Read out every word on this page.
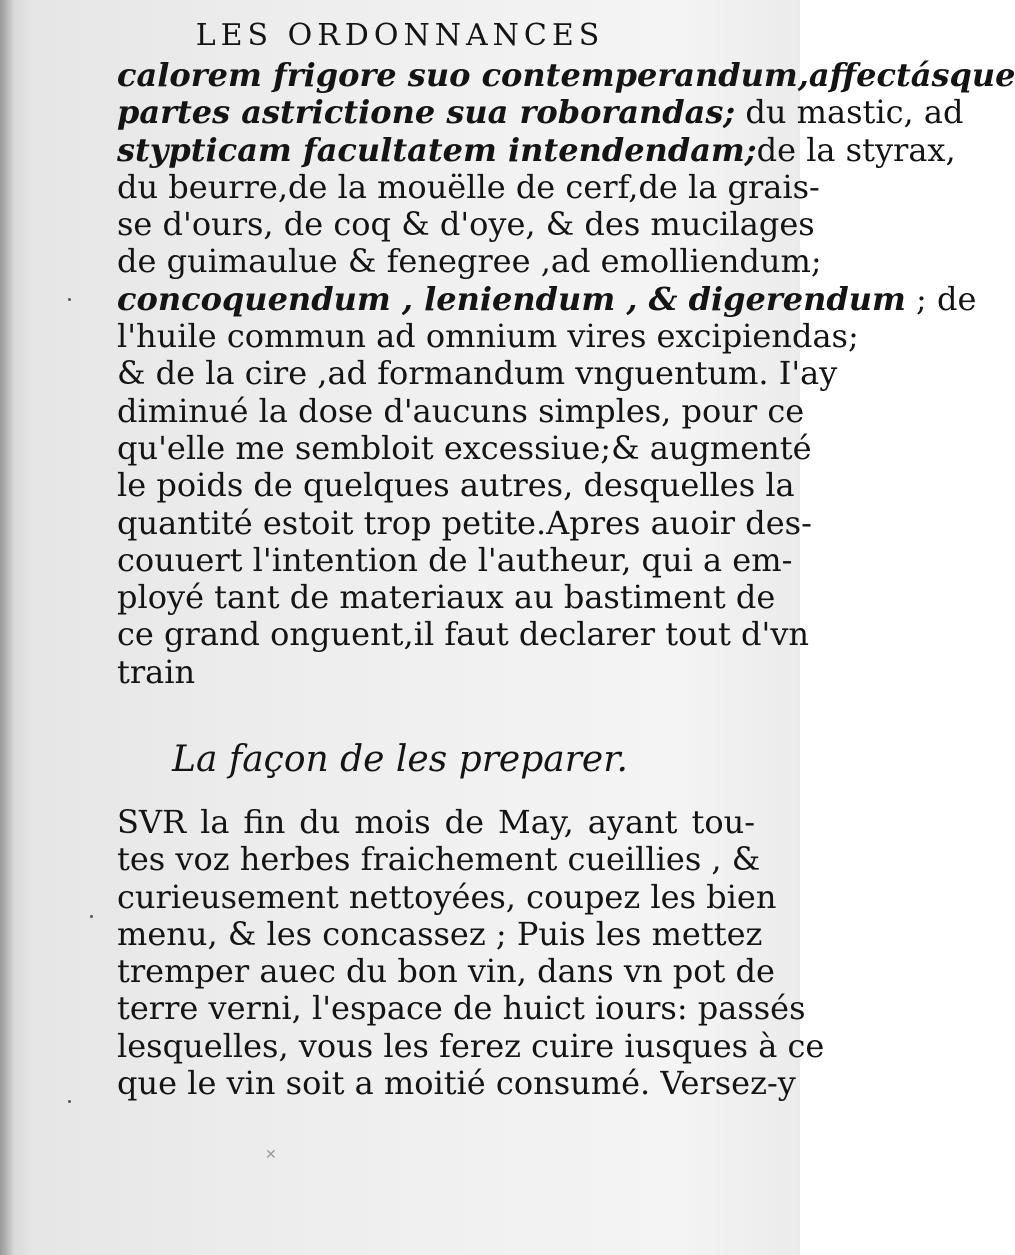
LES ORDONNANCES
calorem frigore suo contemperandum,affectásque
partes astrictione sua roborandas; du mastic, ad
stypticam facultatem intendendam;de la styrax,
du beurre,de la mouëlle de cerf,de la grais-
se d'ours, de coq & d'oye, & des mucilages
de guimaulue & fenegree ,ad emolliendum;
concoquendum , leniendum , & digerendum ; de
l'huile commun ad omnium vires excipiendas;
& de la cire ,ad formandum vnguentum. I'ay
diminué la dose d'aucuns simples, pour ce
qu'elle me sembloit excessiue;& augmenté
le poids de quelques autres, desquelles la
quantité estoit trop petite.Apres auoir des-
couuert l'intention de l'autheur, qui a em-
ployé tant de materiaux au bastiment de
ce grand onguent,il faut declarer tout d'vn
train
La façon de les preparer.
SVR la fin du mois de May, ayant tou-
tes voz herbes fraichement cueillies , &
curieusement nettoyées, coupez les bien
menu, & les concassez ; Puis les mettez
tremper auec du bon vin, dans vn pot de
terre verni, l'espace de huict iours: passés
lesquelles, vous les ferez cuire iusques à ce
que le vin soit a moitié consumé. Versez-y
✕
